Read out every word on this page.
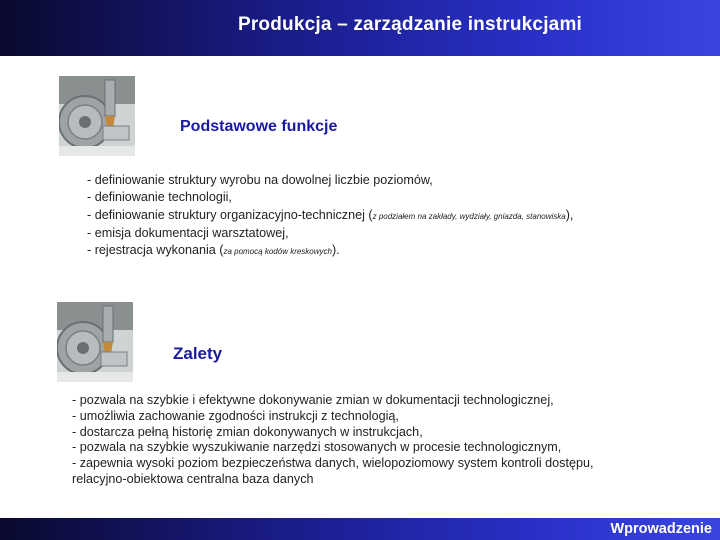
Produkcja – zarządzanie instrukcjami
Podstawowe funkcje
- definiowanie struktury wyrobu na dowolnej liczbie poziomów,
- definiowanie technologii,
- definiowanie struktury organizacyjno-technicznej (z podziałem na zakłady, wydziały, gniazda, stanowiska),
- emisja dokumentacji warsztatowej,
- rejestracja wykonania (za pomocą kodów kreskowych).
Zalety
- pozwala na szybkie i efektywne dokonywanie zmian w dokumentacji technologicznej,
- umożliwia zachowanie zgodności instrukcji z technologią,
- dostarcza pełną historię zmian dokonywanych w instrukcjach,
- pozwala na szybkie wyszukiwanie narzędzi stosowanych w procesie technologicznym,
- zapewnia wysoki poziom bezpieczeństwa danych, wielopoziomowy system kontroli dostępu,
relacyjno-obiektowa centralna baza danych
Wprowadzenie
